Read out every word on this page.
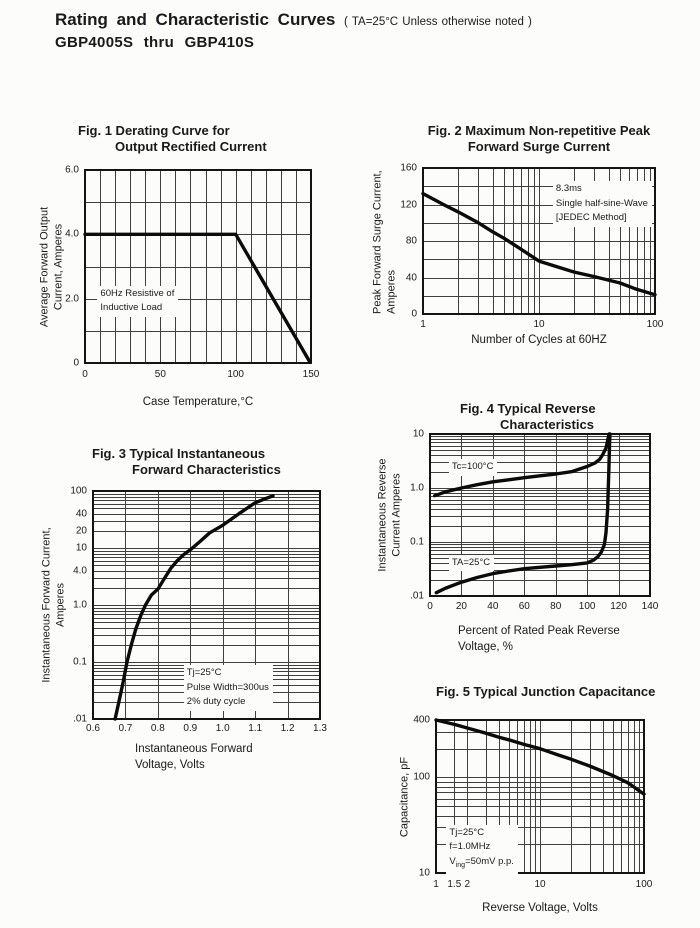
Rating and Characteristic Curves ( TA=25°C Unless otherwise noted )
GBP4005S thru GBP410S
Fig. 1 Derating Curve for
Output Rectified Current
Average Forward Output Current, Amperes	60Hz Resistive of
Inductive Load
0	50	100	150
0
2.0
4.0
6.0
Case Temperature,°C
Fig. 2 Maximum Non-repetitive Peak
Forward Surge Current
Peak Forward Surge Current, Amperes
8.3ms
Single half-sine-Wave
[JEDEC Method]
1	10	100
0
40
80
120
160
Number of Cycles at 60HZ
Fig. 3 Typical Instantaneous
Forward Characteristics
Instantaneous Forward Current, Amperes
Tj=25°C
Pulse Width=300us
2% duty cycle
0.6 0.7 0.8 0.9 1.0 1.1 1.2 1.3
100
40
20
10
4.0
1.0
0.1
.01
Instantaneous Forward
Voltage, Volts
Fig. 4 Typical Reverse
Characteristics
Instantaneous Reverse Current Amperes
Tc=100°C
TA=25°C
0 20 40 60 80 100 120 140
10
1.0
0.1
.01
Percent of Rated Peak Reverse
Voltage, %
Fig. 5 Typical Junction Capacitance
Capacitance, pF	Tj=25°C
f=1.0MHz
$V_{ing}=50mV$ p.p.
1 1.5 2	10	100
400
100
10
Reverse Voltage, Volts
